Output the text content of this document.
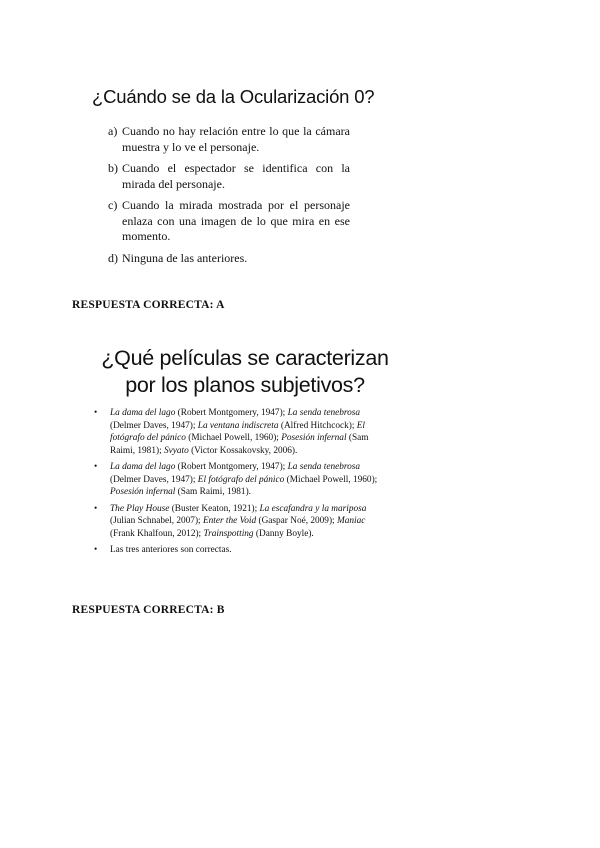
¿Cuándo se da la Ocularización 0?
a) Cuando no hay relación entre lo que la cámara muestra y lo ve el personaje.
b) Cuando el espectador se identifica con la mirada del personaje.
c) Cuando la mirada mostrada por el personaje enlaza con una imagen de lo que mira en ese momento.
d) Ninguna de las anteriores.
RESPUESTA CORRECTA: A
¿Qué películas se caracterizan
por los planos subjetivos?
•	La dama del lago (Robert Montgomery, 1947); La senda tenebrosa (Delmer Daves, 1947); La ventana indiscreta (Alfred Hitchcock); El fotógrafo del pánico (Michael Powell, 1960); Posesión infernal (Sam Raimi, 1981); Svyato (Victor Kossakovsky, 2006).
•	La dama del lago (Robert Montgomery, 1947); La senda tenebrosa (Delmer Daves, 1947); El fotógrafo del pánico (Michael Powell, 1960); Posesión infernal (Sam Raimi, 1981).
•	The Play House (Buster Keaton, 1921); La escafandra y la mariposa (Julian Schnabel, 2007); Enter the Void (Gaspar Noé, 2009); Maniac (Frank Khalfoun, 2012); Trainspotting (Danny Boyle).
•	Las tres anteriores son correctas.
RESPUESTA CORRECTA: B
